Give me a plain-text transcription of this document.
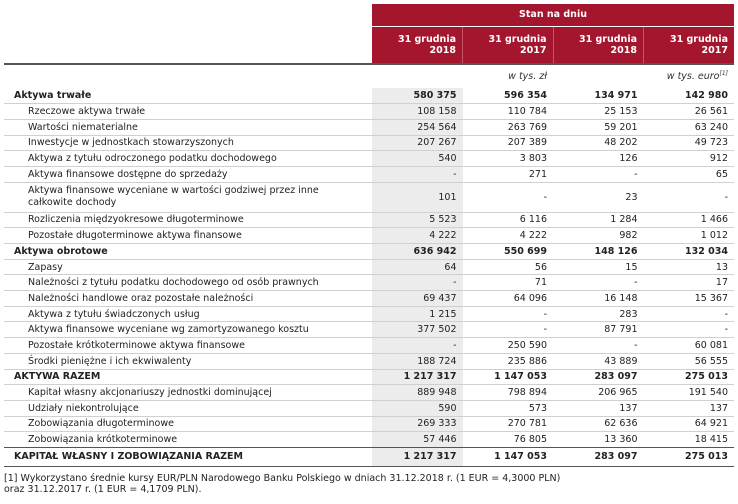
	Stan na dniu			
	31 grudnia 2018	31 grudnia 2017	31 grudnia 2018	31 grudnia 2017
	w tys. zł		w tys. euro[1]
Aktywa trwałe	580 375	596 354	134 971	142 980
Rzeczowe aktywa trwałe	108 158	110 784	25 153	26 561
Wartości niematerialne	254 564	263 769	59 201	63 240
Inwestycje w jednostkach stowarzyszonych	207 267	207 389	48 202	49 723
Aktywa z tytułu odroczonego podatku dochodowego	540	3 803	126	912
Aktywa finansowe dostępne do sprzedaży	-	271	-	65
Aktywa finansowe wyceniane w wartości godziwej przez inne całkowite dochody	101	-	23	-
Rozliczenia międzyokresowe długoterminowe	5 523	6 116	1 284	1 466
Pozostałe długoterminowe aktywa finansowe	4 222	4 222	982	1 012
Aktywa obrotowe	636 942	550 699	148 126	132 034
Zapasy	64	56	15	13
Należności z tytułu podatku dochodowego od osób prawnych	-	71	-	17
Należności handlowe oraz pozostałe należności	69 437	64 096	16 148	15 367
Aktywa z tytułu świadczonych usług	1 215	-	283	-
Aktywa finansowe wyceniane wg zamortyzowanego kosztu	377 502	-	87 791	-
Pozostałe krótkoterminowe aktywa finansowe	-	250 590	-	60 081
Środki pieniężne i ich ekwiwalenty	188 724	235 886	43 889	56 555
AKTYWA RAZEM	1 217 317	1 147 053	283 097	275 013
Kapitał własny akcjonariuszy jednostki dominującej	889 948	798 894	206 965	191 540
Udziały niekontrolujące	590	573	137	137
Zobowiązania długoterminowe	269 333	270 781	62 636	64 921
Zobowiązania krótkoterminowe	57 446	76 805	13 360	18 415
KAPITAŁ WŁASNY I ZOBOWIĄZANIA RAZEM	1 217 317	1 147 053	283 097	275 013
[1] Wykorzystano średnie kursy EUR/PLN Narodowego Banku Polskiego w dniach 31.12.2018 r. (1 EUR = 4,3000 PLN)
oraz 31.12.2017 r. (1 EUR = 4,1709 PLN).
